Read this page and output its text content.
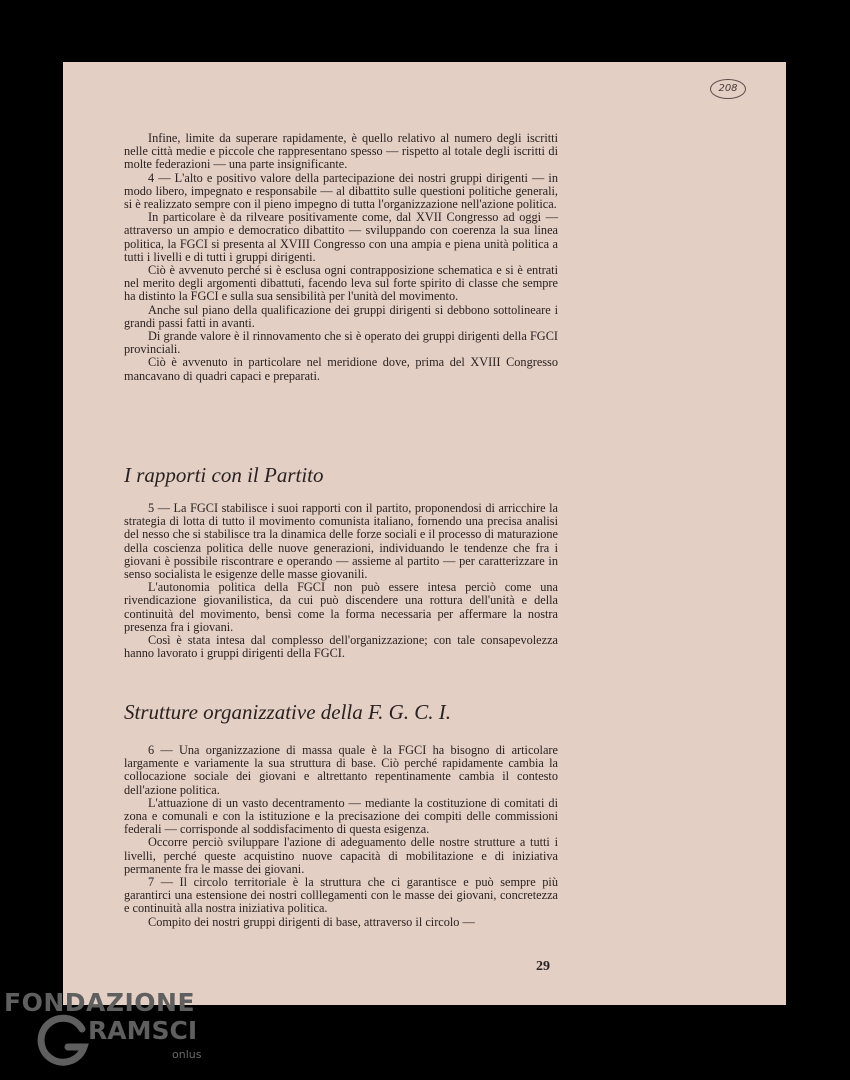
208

Infine, limite da superare rapidamente, è quello relativo al numero degli iscritti nelle città medie e piccole che rappresentano spesso — rispetto al totale degli iscritti di molte federazioni — una parte insignificante.

4 — L'alto e positivo valore della partecipazione dei nostri gruppi dirigenti — in modo libero, impegnato e responsabile — al dibattito sulle questioni politiche generali, si è realizzato sempre con il pieno impegno di tutta l'organizzazione nell'azione politica.

In particolare è da rilveare positivamente come, dal XVII Congresso ad oggi — attraverso un ampio e democratico dibattito — sviluppando con coerenza la sua linea politica, la FGCI si presenta al XVIII Congresso con una ampia e piena unità politica a tutti i livelli e di tutti i gruppi dirigenti.

Ciò è avvenuto perché si è esclusa ogni contrapposizione schematica e si è entrati nel merito degli argomenti dibattuti, facendo leva sul forte spirito di classe che sempre ha distinto la FGCI e sulla sua sensibilità per l'unità del movimento.

Anche sul piano della qualificazione dei gruppi dirigenti si debbono sottolineare i grandi passi fatti in avanti.

Di grande valore è il rinnovamento che si è operato dei gruppi dirigenti della FGCI provinciali.

Ciò è avvenuto in particolare nel meridione dove, prima del XVIII Congresso mancavano di quadri capaci e preparati.

I rapporti con il Partito

5 — La FGCI stabilisce i suoi rapporti con il partito, proponendosi di arricchire la strategia di lotta di tutto il movimento comunista italiano, fornendo una precisa analisi del nesso che si stabilisce tra la dinamica delle forze sociali e il processo di maturazione della coscienza politica delle nuove generazioni, individuando le tendenze che fra i giovani è possibile riscontrare e operando — assieme al partito — per caratterizzare in senso socialista le esigenze delle masse giovanili.

L'autonomia politica della FGCI non può essere intesa perciò come una rivendicazione giovanilistica, da cui può discendere una rottura dell'unità e della continuità del movimento, bensì come la forma necessaria per affermare la nostra presenza fra i giovani.

Così è stata intesa dal complesso dell'organizzazione; con tale consapevolezza hanno lavorato i gruppi dirigenti della FGCI.

Strutture organizzative della F. G. C. I.

6 — Una organizzazione di massa quale è la FGCI ha bisogno di articolare largamente e variamente la sua struttura di base. Ciò perché rapidamente cambia la collocazione sociale dei giovani e altrettanto repentinamente cambia il contesto dell'azione politica.

L'attuazione di un vasto decentramento — mediante la costituzione di comitati di zona e comunali e con la istituzione e la precisazione dei compiti delle commissioni federali — corrisponde al soddisfacimento di questa esigenza.

Occorre perciò sviluppare l'azione di adeguamento delle nostre strutture a tutti i livelli, perché queste acquistino nuove capacità di mobilitazione e di iniziativa permanente fra le masse dei giovani.

7 — Il circolo territoriale è la struttura che ci garantisce e può sempre più garantirci una estensione dei nostri colllegamenti con le masse dei giovani, concretezza e continuità alla nostra iniziativa politica.

Compito dei nostri gruppi dirigenti di base, attraverso il circolo —

29
FONDAZIONE
RAMSCI
onlus
